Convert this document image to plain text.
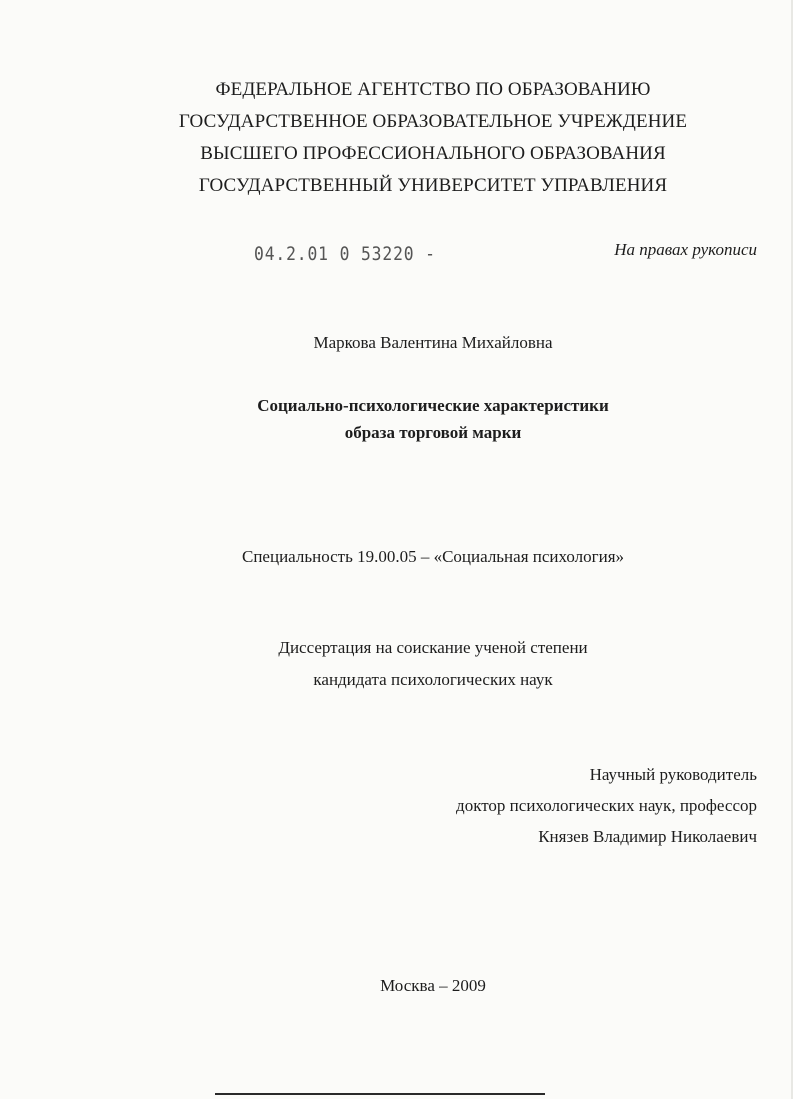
ФЕДЕРАЛЬНОЕ АГЕНТСТВО ПО ОБРАЗОВАНИЮ
ГОСУДАРСТВЕННОЕ ОБРАЗОВАТЕЛЬНОЕ УЧРЕЖДЕНИЕ
ВЫСШЕГО ПРОФЕССИОНАЛЬНОГО ОБРАЗОВАНИЯ
ГОСУДАРСТВЕННЫЙ УНИВЕРСИТЕТ УПРАВЛЕНИЯ
04.2.01 0 53220 -	На правах рукописи
Маркова Валентина Михайловна
Социально-психологические характеристики
образа торговой марки
Специальность 19.00.05 – «Социальная психология»
Диссертация на соискание ученой степени
кандидата психологических наук
Научный руководитель
доктор психологических наук, профессор
Князев Владимир Николаевич
Москва – 2009
